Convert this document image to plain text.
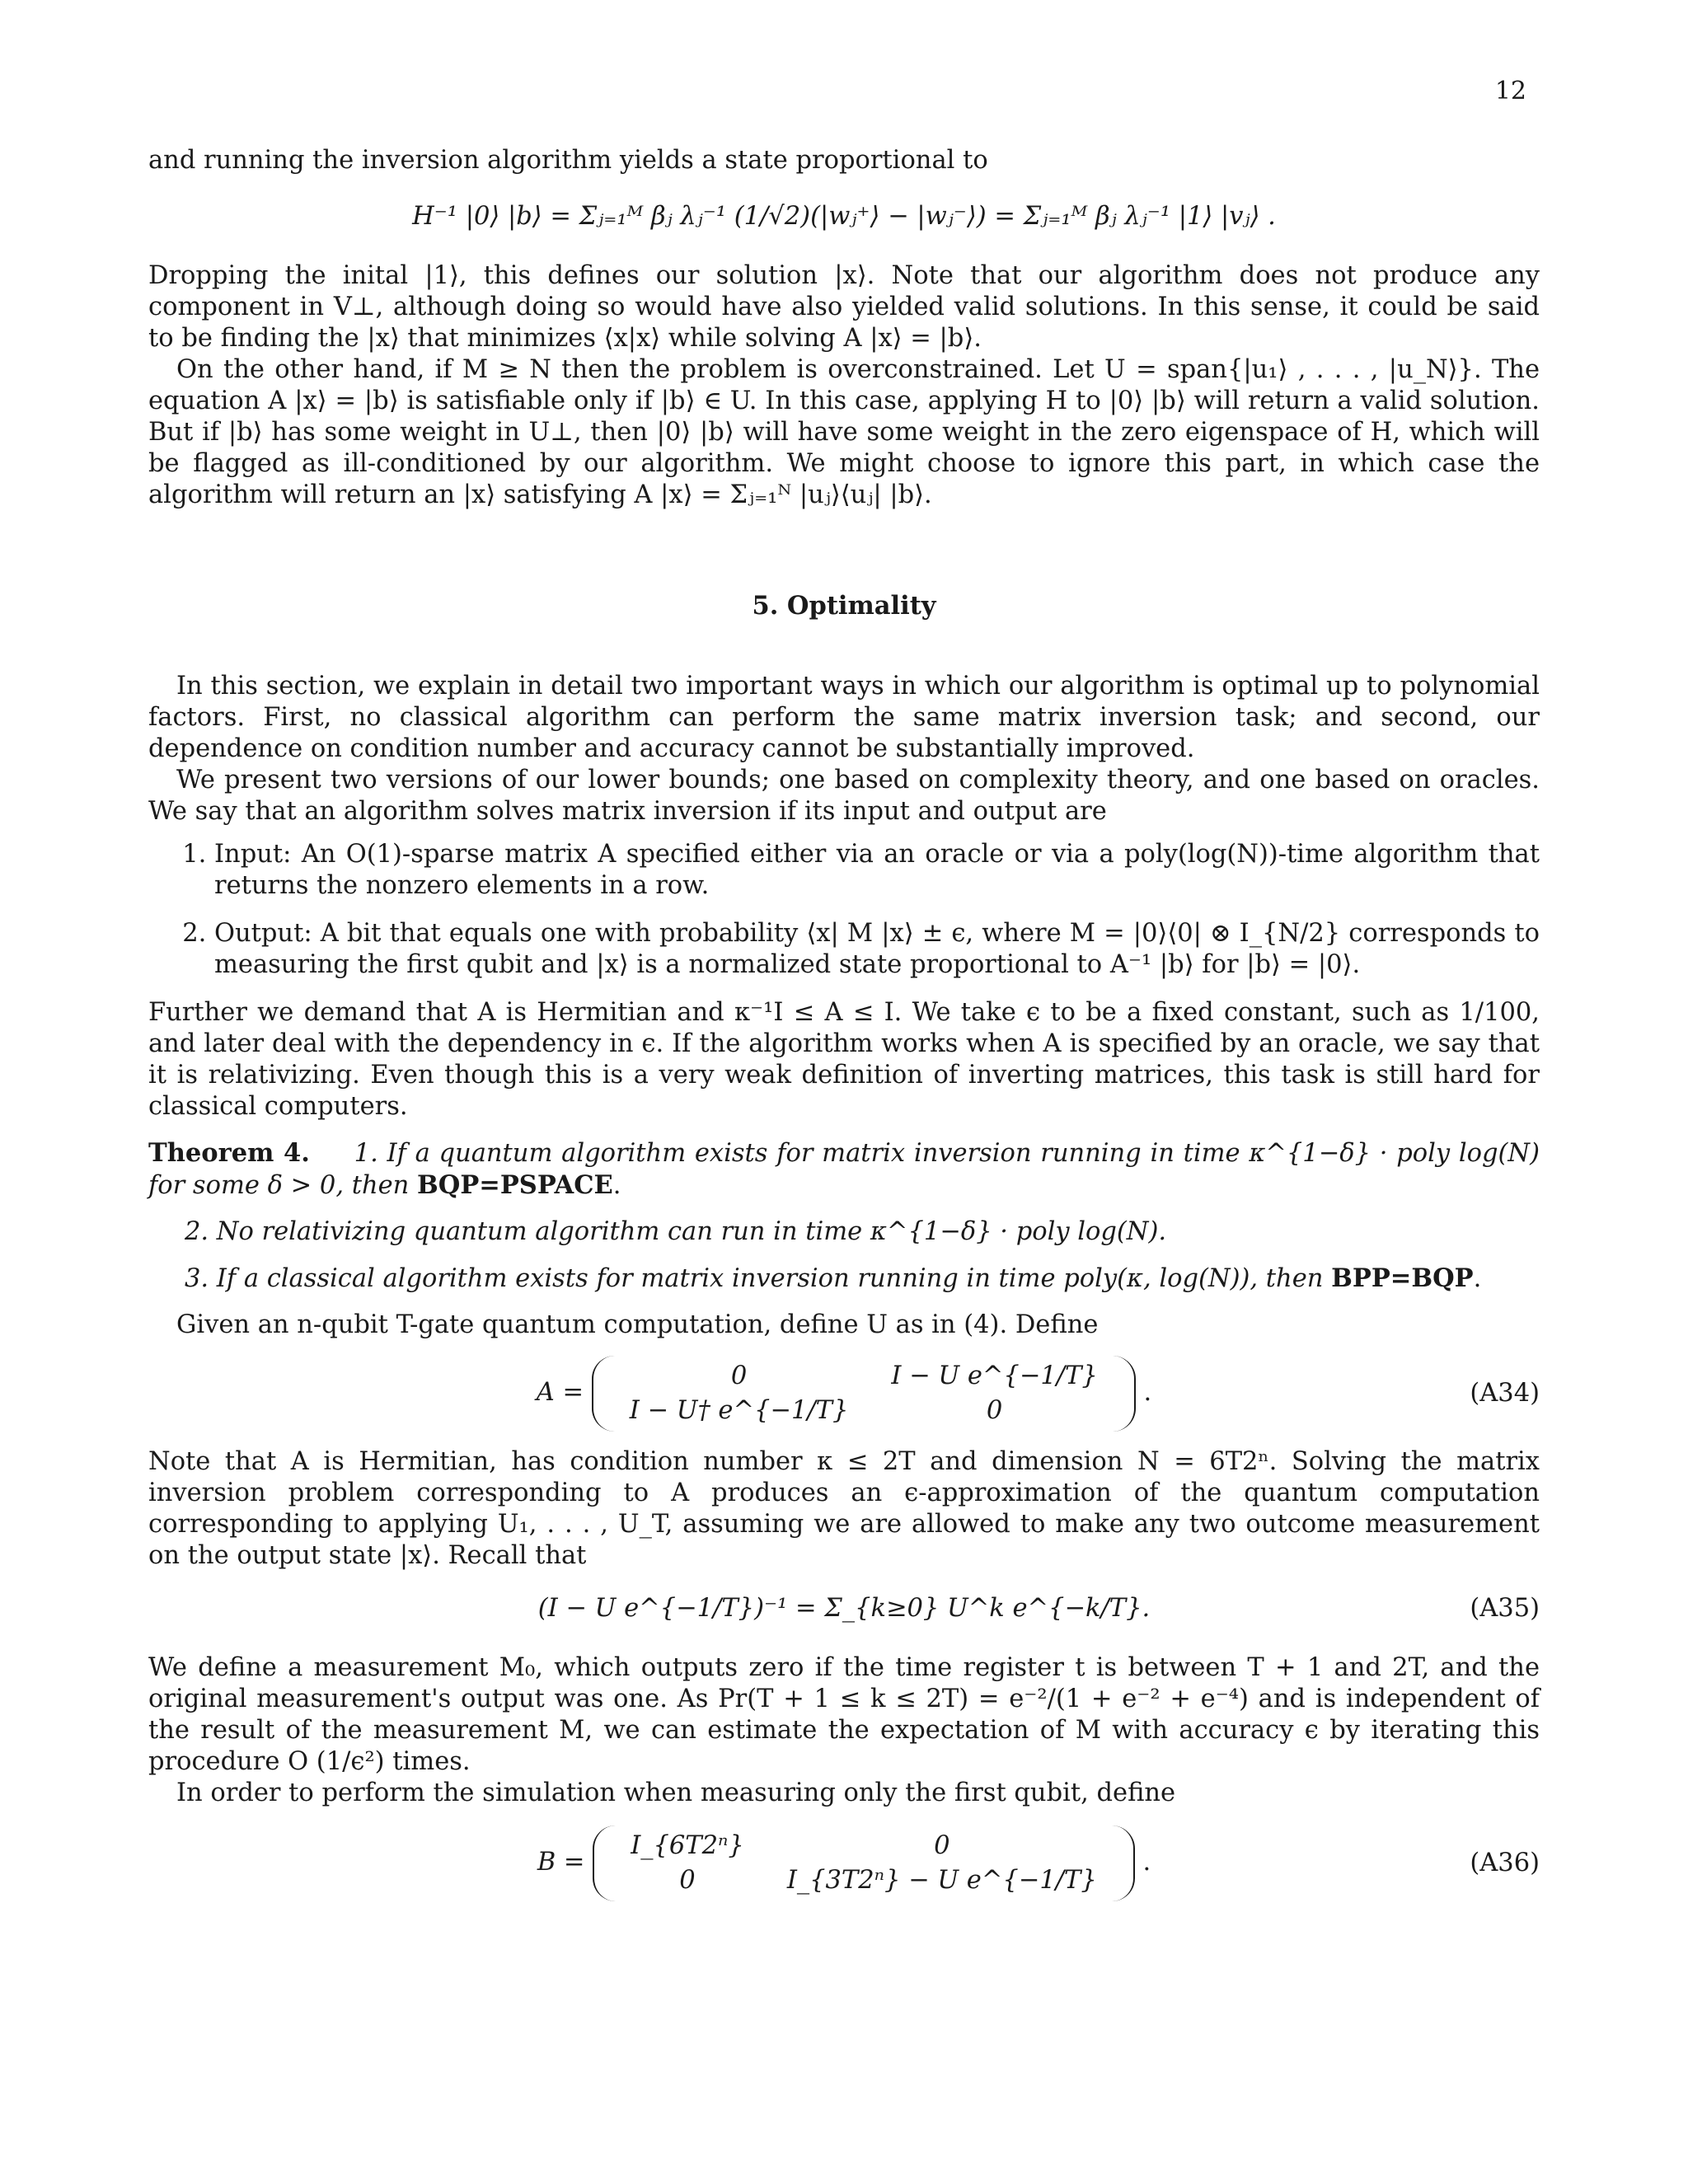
12

and running the inversion algorithm yields a state proportional to

H⁻¹ |0⟩ |b⟩ = Σⱼ₌₁ᴹ βⱼ λⱼ⁻¹ (1/√2)(|wⱼ⁺⟩ − |wⱼ⁻⟩) = Σⱼ₌₁ᴹ βⱼ λⱼ⁻¹ |1⟩ |vⱼ⟩ .

Dropping the inital |1⟩, this defines our solution |x⟩. Note that our algorithm does not produce any component in V⊥, although doing so would have also yielded valid solutions. In this sense, it could be said to be finding the |x⟩ that minimizes ⟨x|x⟩ while solving A |x⟩ = |b⟩.

On the other hand, if M ≥ N then the problem is overconstrained. Let U = span{|u₁⟩ , . . . , |u_N⟩}. The equation A |x⟩ = |b⟩ is satisfiable only if |b⟩ ∈ U. In this case, applying H to |0⟩ |b⟩ will return a valid solution. But if |b⟩ has some weight in U⊥, then |0⟩ |b⟩ will have some weight in the zero eigenspace of H, which will be flagged as ill-conditioned by our algorithm. We might choose to ignore this part, in which case the algorithm will return an |x⟩ satisfying A |x⟩ = Σⱼ₌₁ᴺ |uⱼ⟩⟨uⱼ| |b⟩.

5. Optimality

In this section, we explain in detail two important ways in which our algorithm is optimal up to polynomial factors. First, no classical algorithm can perform the same matrix inversion task; and second, our dependence on condition number and accuracy cannot be substantially improved.

We present two versions of our lower bounds; one based on complexity theory, and one based on oracles. We say that an algorithm solves matrix inversion if its input and output are

1. Input: An O(1)-sparse matrix A specified either via an oracle or via a poly(log(N))-time algorithm that returns the nonzero elements in a row.
2. Output: A bit that equals one with probability ⟨x| M |x⟩ ± ϵ, where M = |0⟩⟨0| ⊗ I_{N/2} corresponds to measuring the first qubit and |x⟩ is a normalized state proportional to A⁻¹ |b⟩ for |b⟩ = |0⟩.

Further we demand that A is Hermitian and κ⁻¹I ≤ A ≤ I. We take ϵ to be a fixed constant, such as 1/100, and later deal with the dependency in ϵ. If the algorithm works when A is specified by an oracle, we say that it is relativizing. Even though this is a very weak definition of inverting matrices, this task is still hard for classical computers.

Theorem 4. 1. If a quantum algorithm exists for matrix inversion running in time κ^{1−δ} · poly log(N) for some δ > 0, then BQP=PSPACE.

2. No relativizing quantum algorithm can run in time κ^{1−δ} · poly log(N).

3. If a classical algorithm exists for matrix inversion running in time poly(κ, log(N)), then BPP=BQP.

Given an n-qubit T-gate quantum computation, define U as in (4). Define

A =
0	I − U e^{−1/T}
I − U† e^{−1/T}	0
.	(A34)

Note that A is Hermitian, has condition number κ ≤ 2T and dimension N = 6T2ⁿ. Solving the matrix inversion problem corresponding to A produces an ϵ-approximation of the quantum computation corresponding to applying U₁, . . . , U_T, assuming we are allowed to make any two outcome measurement on the output state |x⟩. Recall that

(I − U e^{−1/T})⁻¹ = Σ_{k≥0} U^k e^{−k/T}.	(A35)

We define a measurement M₀, which outputs zero if the time register t is between T + 1 and 2T, and the original measurement's output was one. As Pr(T + 1 ≤ k ≤ 2T) = e⁻²/(1 + e⁻² + e⁻⁴) and is independent of the result of the measurement M, we can estimate the expectation of M with accuracy ϵ by iterating this procedure O (1/ϵ²) times.

In order to perform the simulation when measuring only the first qubit, define

B =
I_{6T2ⁿ}	0
0	I_{3T2ⁿ} − U e^{−1/T}
.	(A36)
